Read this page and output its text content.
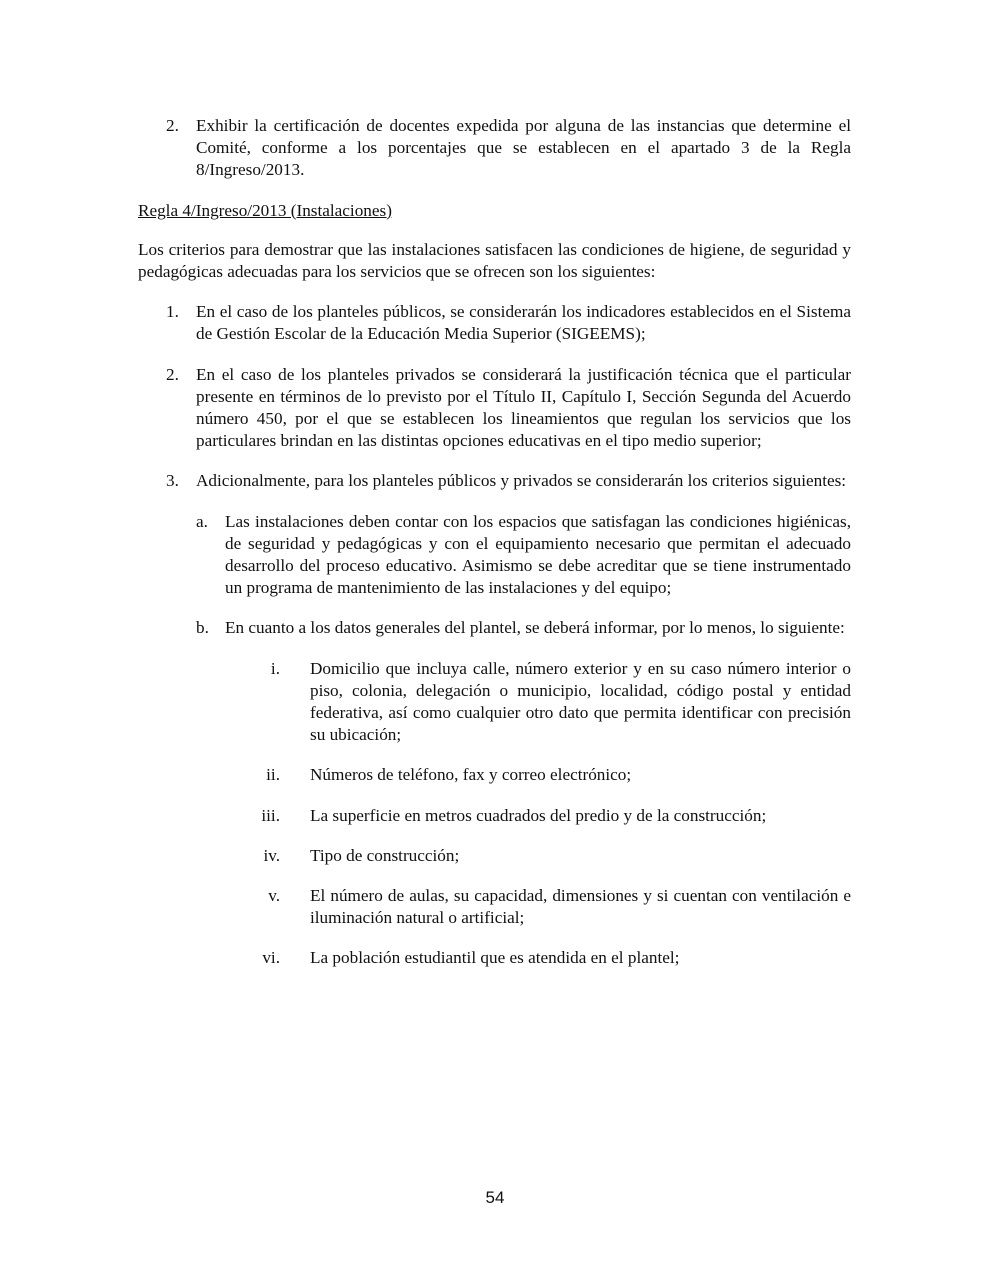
2. Exhibir la certificación de docentes expedida por alguna de las instancias que determine el Comité, conforme a los porcentajes que se establecen en el apartado 3 de la Regla 8/Ingreso/2013.

Regla 4/Ingreso/2013 (Instalaciones)

Los criterios para demostrar que las instalaciones satisfacen las condiciones de higiene, de seguridad y pedagógicas adecuadas para los servicios que se ofrecen son los siguientes:

1. En el caso de los planteles públicos, se considerarán los indicadores establecidos en el Sistema de Gestión Escolar de la Educación Media Superior (SIGEEMS);

2. En el caso de los planteles privados se considerará la justificación técnica que el particular presente en términos de lo previsto por el Título II, Capítulo I, Sección Segunda del Acuerdo número 450, por el que se establecen los lineamientos que regulan los servicios que los particulares brindan en las distintas opciones educativas en el tipo medio superior;

3. Adicionalmente, para los planteles públicos y privados se considerarán los criterios siguientes:

a. Las instalaciones deben contar con los espacios que satisfagan las condiciones higiénicas, de seguridad y pedagógicas y con el equipamiento necesario que permitan el adecuado desarrollo del proceso educativo. Asimismo se debe acreditar que se tiene instrumentado un programa de mantenimiento de las instalaciones y del equipo;

b. En cuanto a los datos generales del plantel, se deberá informar, por lo menos, lo siguiente:

i. Domicilio que incluya calle, número exterior y en su caso número interior o piso, colonia, delegación o municipio, localidad, código postal y entidad federativa, así como cualquier otro dato que permita identificar con precisión su ubicación;

ii. Números de teléfono, fax y correo electrónico;

iii. La superficie en metros cuadrados del predio y de la construcción;

iv. Tipo de construcción;

v. El número de aulas, su capacidad, dimensiones y si cuentan con ventilación e iluminación natural o artificial;

vi. La población estudiantil que es atendida en el plantel;

54
